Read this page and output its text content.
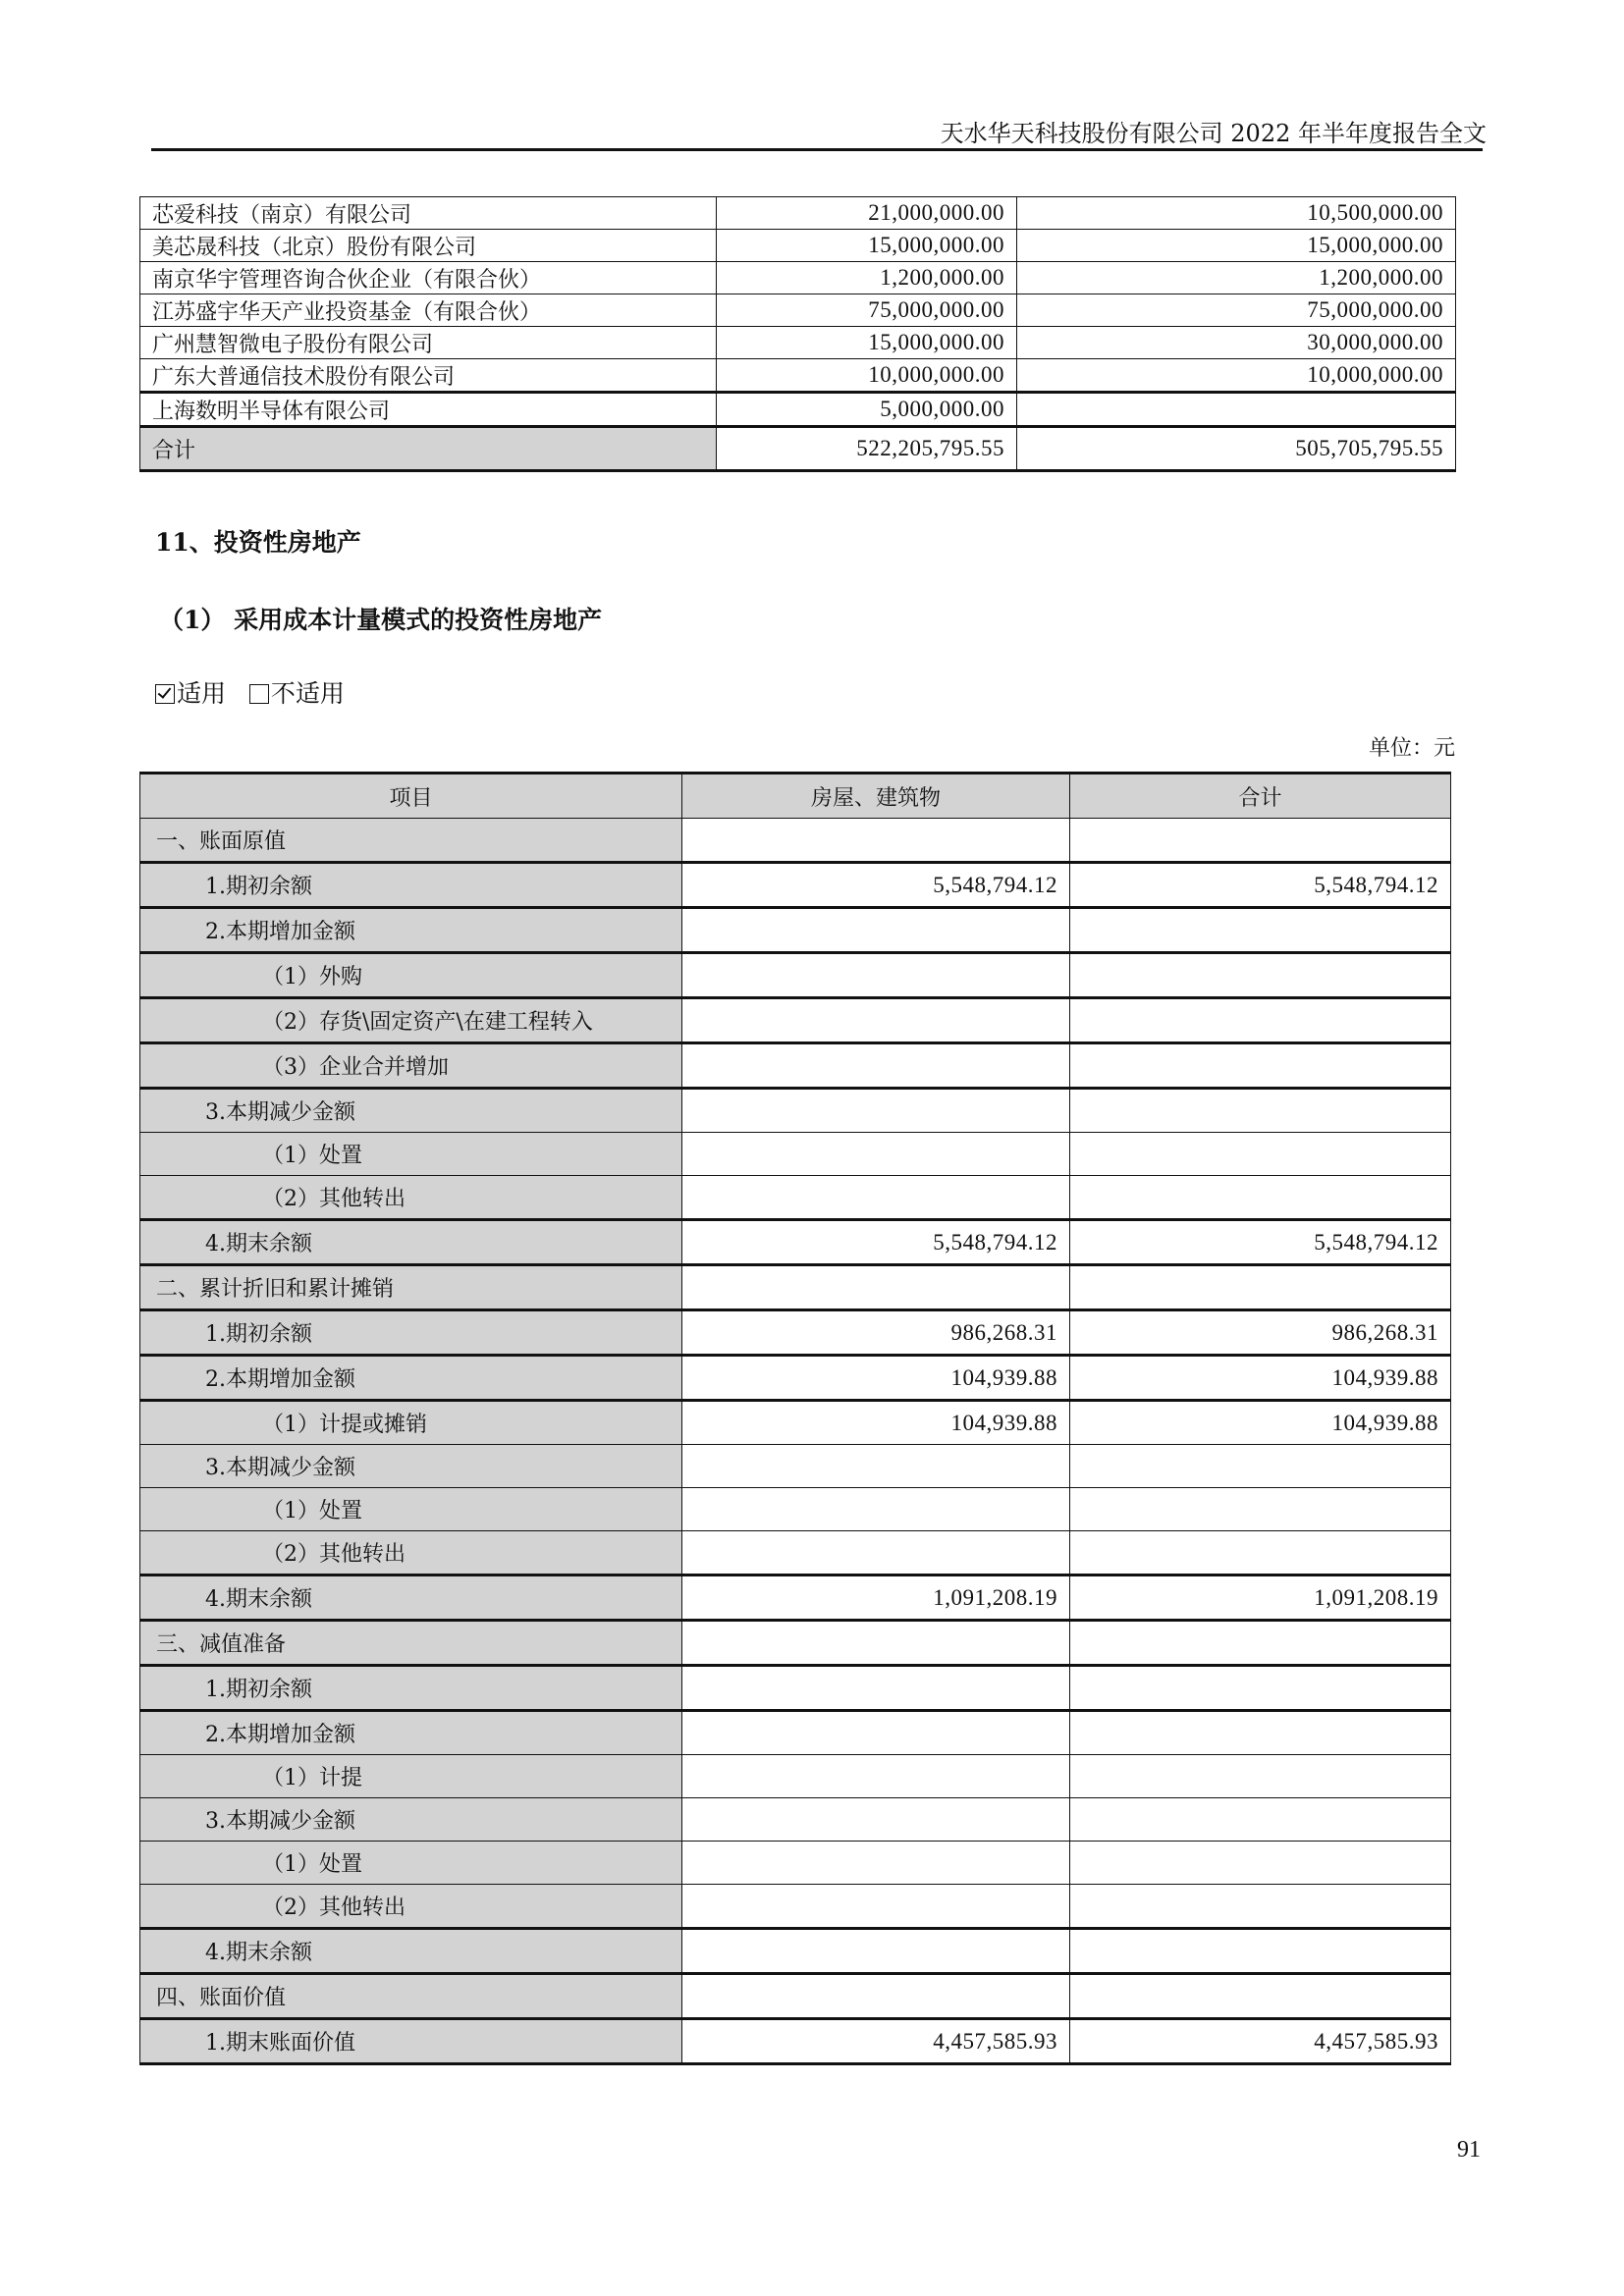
天水华天科技股份有限公司 2022 年半年度报告全文
芯爱科技（南京）有限公司	21,000,000.00	10,500,000.00
美芯晟科技（北京）股份有限公司	15,000,000.00	15,000,000.00
南京华宇管理咨询合伙企业（有限合伙）	1,200,000.00	1,200,000.00
江苏盛宇华天产业投资基金（有限合伙）	75,000,000.00	75,000,000.00
广州慧智微电子股份有限公司	15,000,000.00	30,000,000.00
广东大普通信技术股份有限公司	10,000,000.00	10,000,000.00
上海数明半导体有限公司	5,000,000.00	
合计	522,205,795.55	505,705,795.55
11、投资性房地产
（1） 采用成本计量模式的投资性房地产
适用 不适用
单位：元
项目	房屋、建筑物	合计
一、账面原值		
1.期初余额	5,548,794.12	5,548,794.12
2.本期增加金额		
（1）外购		
（2）存货\固定资产\在建工程转入		
（3）企业合并增加		
3.本期减少金额		
（1）处置		
（2）其他转出		
4.期末余额	5,548,794.12	5,548,794.12
二、累计折旧和累计摊销		
1.期初余额	986,268.31	986,268.31
2.本期增加金额	104,939.88	104,939.88
（1）计提或摊销	104,939.88	104,939.88
3.本期减少金额		
（1）处置		
（2）其他转出		
4.期末余额	1,091,208.19	1,091,208.19
三、减值准备		
1.期初余额		
2.本期增加金额		
（1）计提		
3.本期减少金额		
（1）处置		
（2）其他转出		
4.期末余额		
四、账面价值		
1.期末账面价值	4,457,585.93	4,457,585.93
91
